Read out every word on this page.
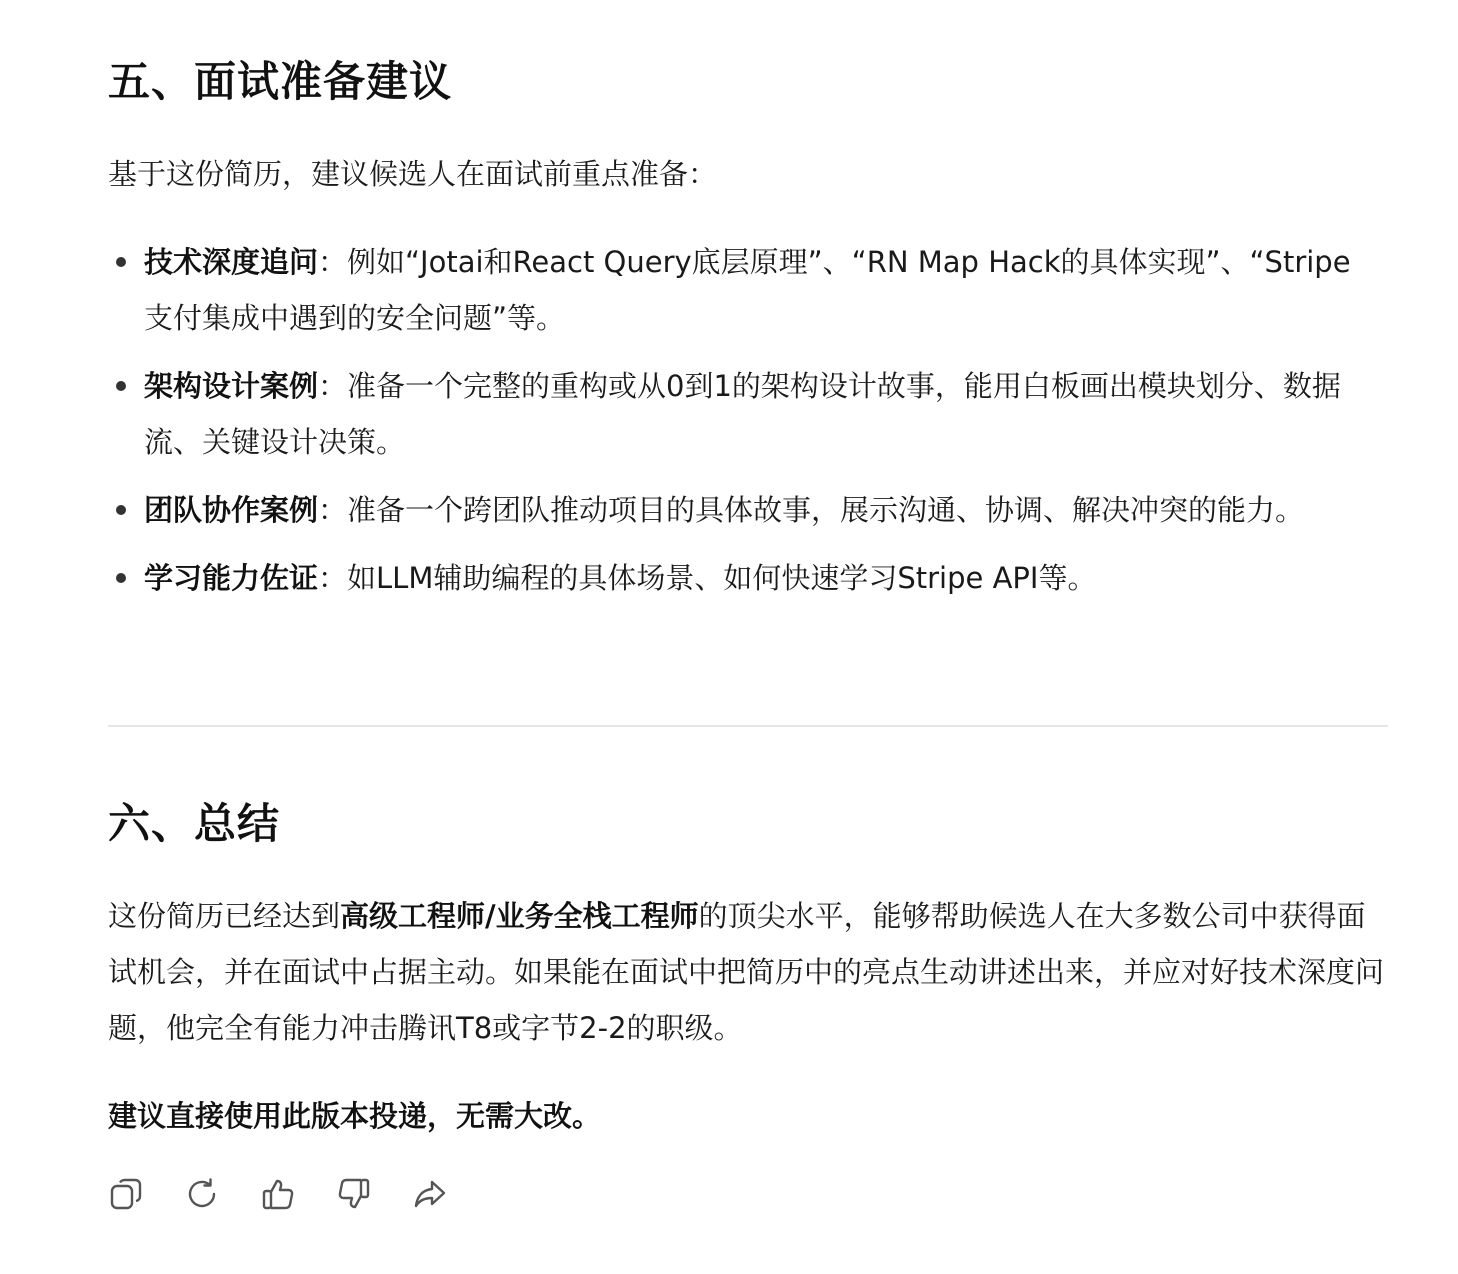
五、面试准备建议

基于这份简历，建议候选人在面试前重点准备：

技术深度追问：例如“Jotai和React Query底层原理”、“RN Map Hack的具体实现”、“Stripe支付集成中遇到的安全问题”等。
架构设计案例：准备一个完整的重构或从0到1的架构设计故事，能用白板画出模块划分、数据流、关键设计决策。
团队协作案例：准备一个跨团队推动项目的具体故事，展示沟通、协调、解决冲突的能力。
学习能力佐证：如LLM辅助编程的具体场景、如何快速学习Stripe API等。
六、总结

这份简历已经达到高级工程师/业务全栈工程师的顶尖水平，能够帮助候选人在大多数公司中获得面试机会，并在面试中占据主动。如果能在面试中把简历中的亮点生动讲述出来，并应对好技术深度问题，他完全有能力冲击腾讯T8或字节2-2的职级。

建议直接使用此版本投递，无需大改。
